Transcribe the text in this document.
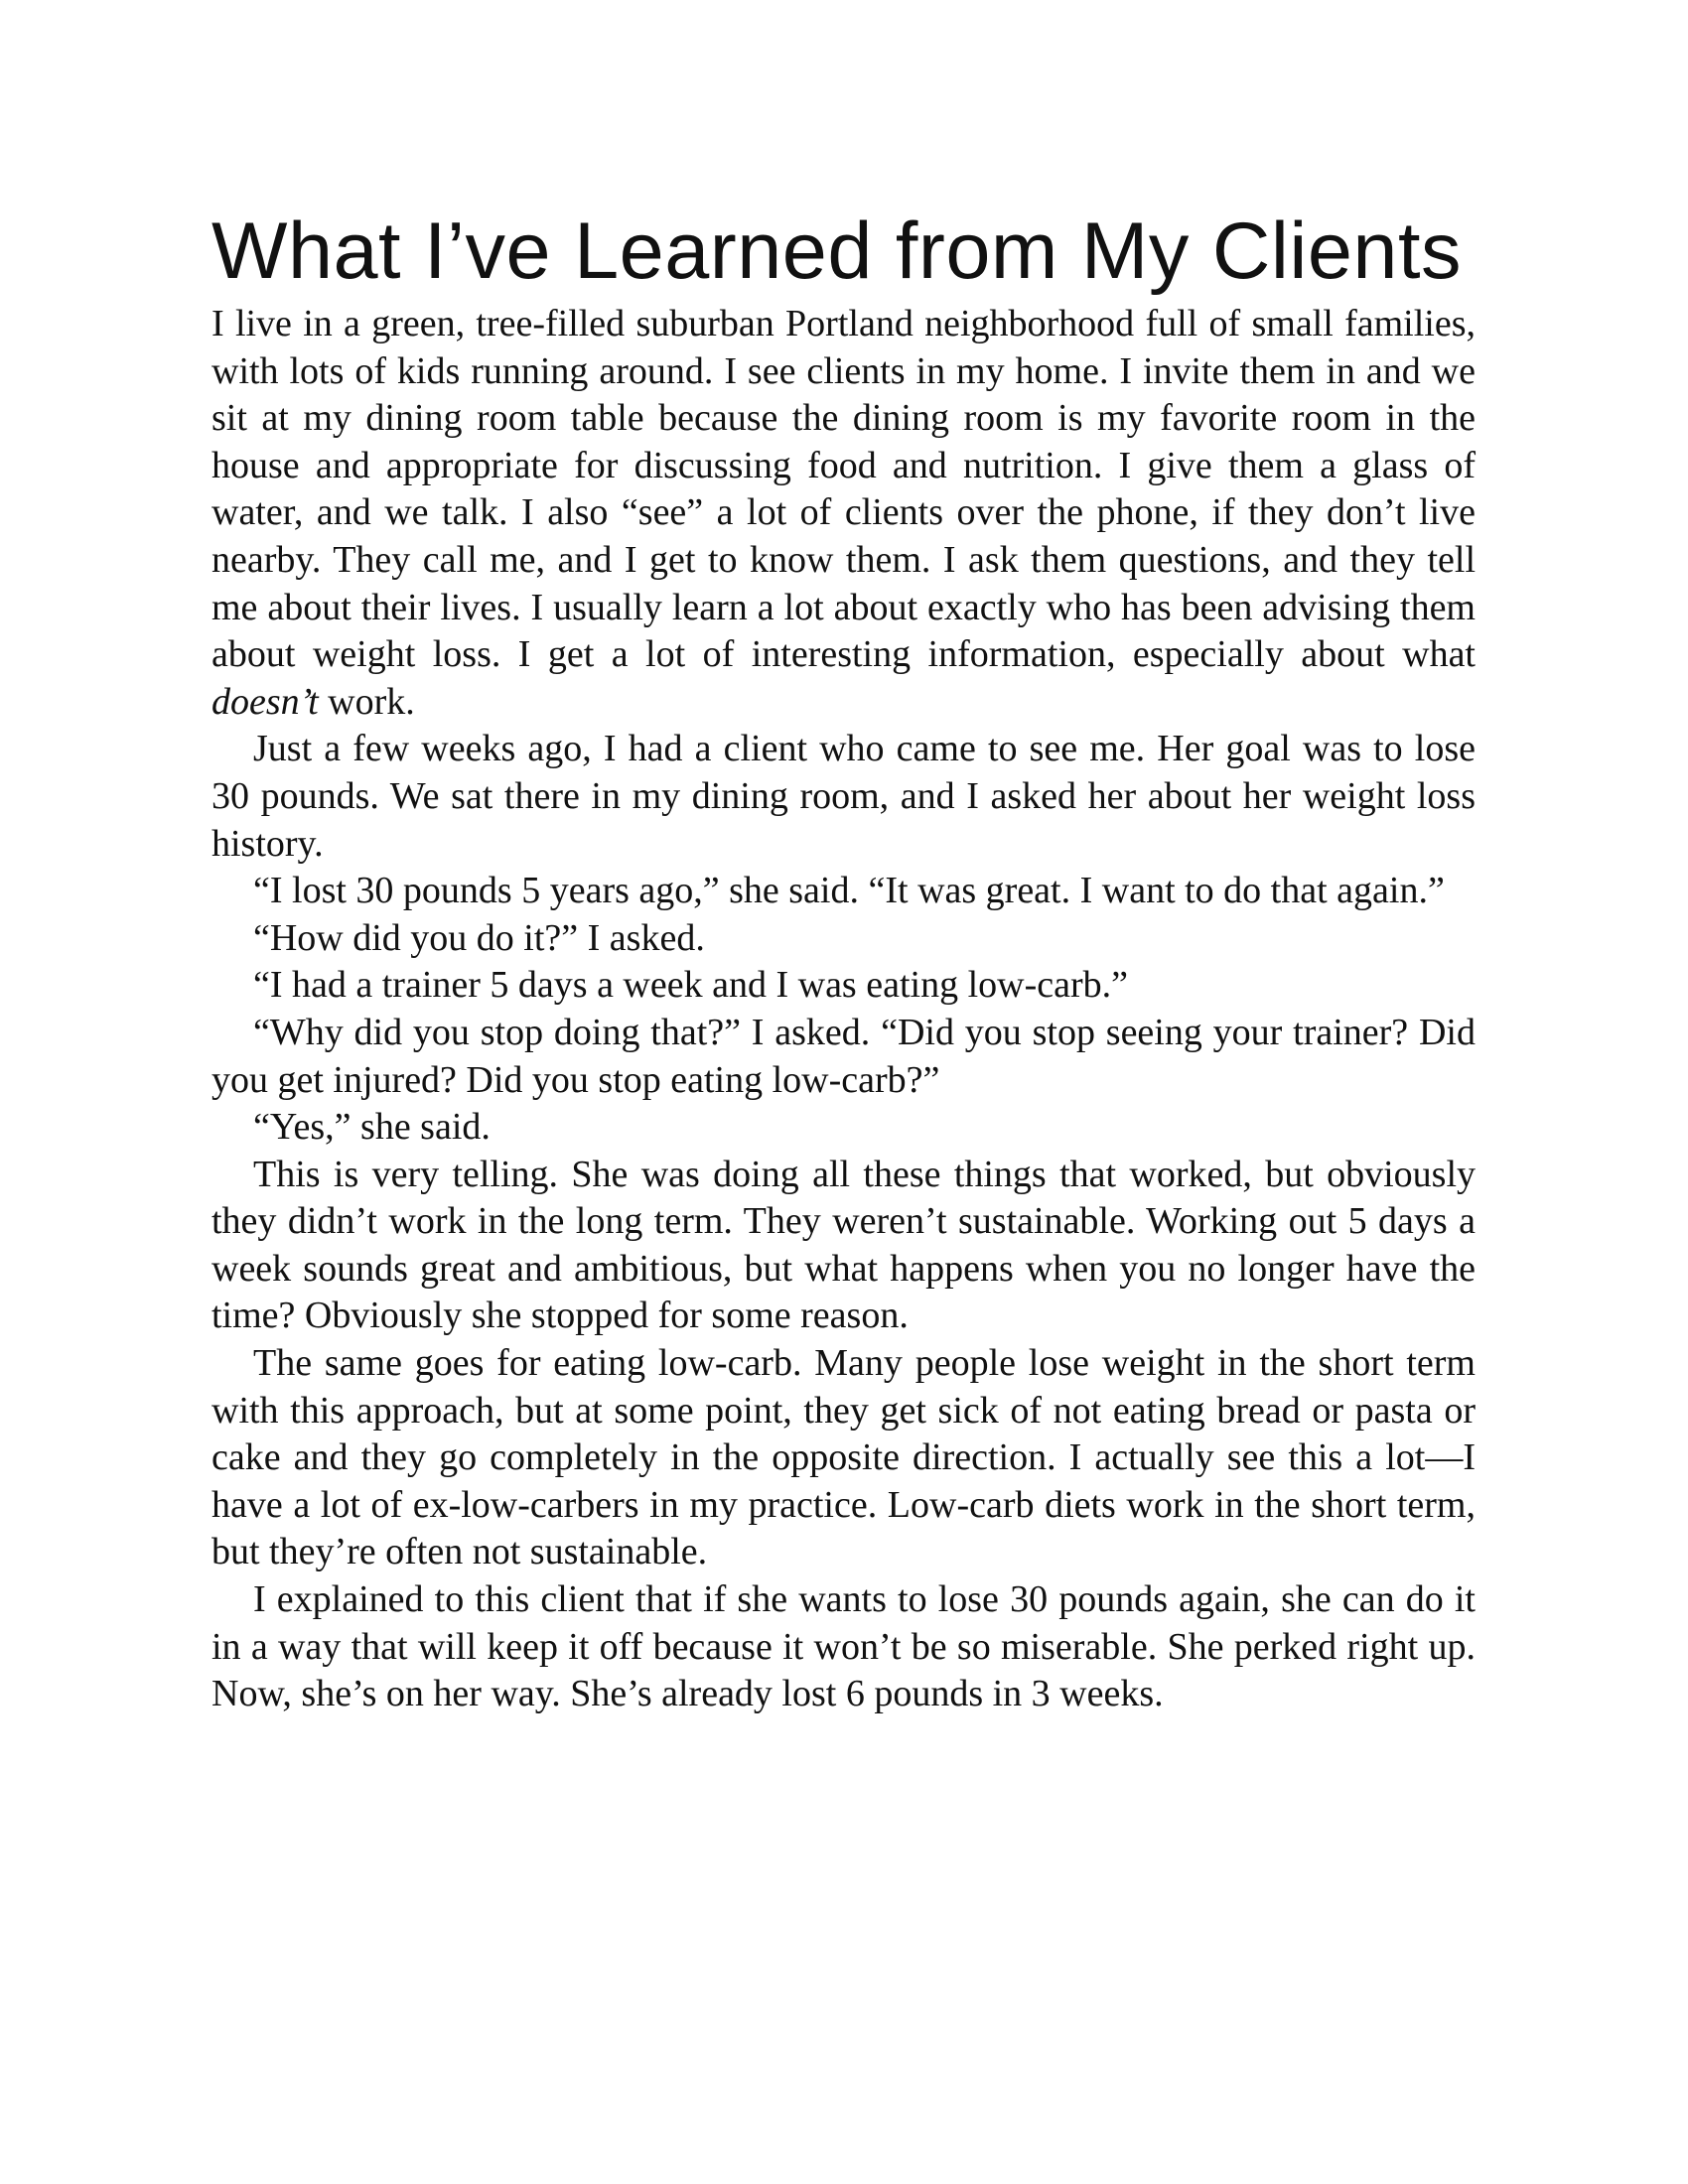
What I’ve Learned from My Clients

I live in a green, tree-filled suburban Portland neighborhood full of small families, with lots of kids running around. I see clients in my home. I invite them in and we sit at my dining room table because the dining room is my favorite room in the house and appropriate for discussing food and nutrition. I give them a glass of water, and we talk. I also “see” a lot of clients over the phone, if they don’t live nearby. They call me, and I get to know them. I ask them questions, and they tell me about their lives. I usually learn a lot about exactly who has been advising them about weight loss. I get a lot of interesting information, especially about what doesn’t work.

Just a few weeks ago, I had a client who came to see me. Her goal was to lose 30 pounds. We sat there in my dining room, and I asked her about her weight loss history.

“I lost 30 pounds 5 years ago,” she said. “It was great. I want to do that again.”

“How did you do it?” I asked.

“I had a trainer 5 days a week and I was eating low-carb.”

“Why did you stop doing that?” I asked. “Did you stop seeing your trainer? Did you get injured? Did you stop eating low-carb?”

“Yes,” she said.

This is very telling. She was doing all these things that worked, but obviously they didn’t work in the long term. They weren’t sustainable. Working out 5 days a week sounds great and ambitious, but what happens when you no longer have the time? Obviously she stopped for some reason.

The same goes for eating low-carb. Many people lose weight in the short term with this approach, but at some point, they get sick of not eating bread or pasta or cake and they go completely in the opposite direction. I actually see this a lot—I have a lot of ex-low-carbers in my practice. Low-carb diets work in the short term, but they’re often not sustainable.

I explained to this client that if she wants to lose 30 pounds again, she can do it in a way that will keep it off because it won’t be so miserable. She perked right up. Now, she’s on her way. She’s already lost 6 pounds in 3 weeks.
